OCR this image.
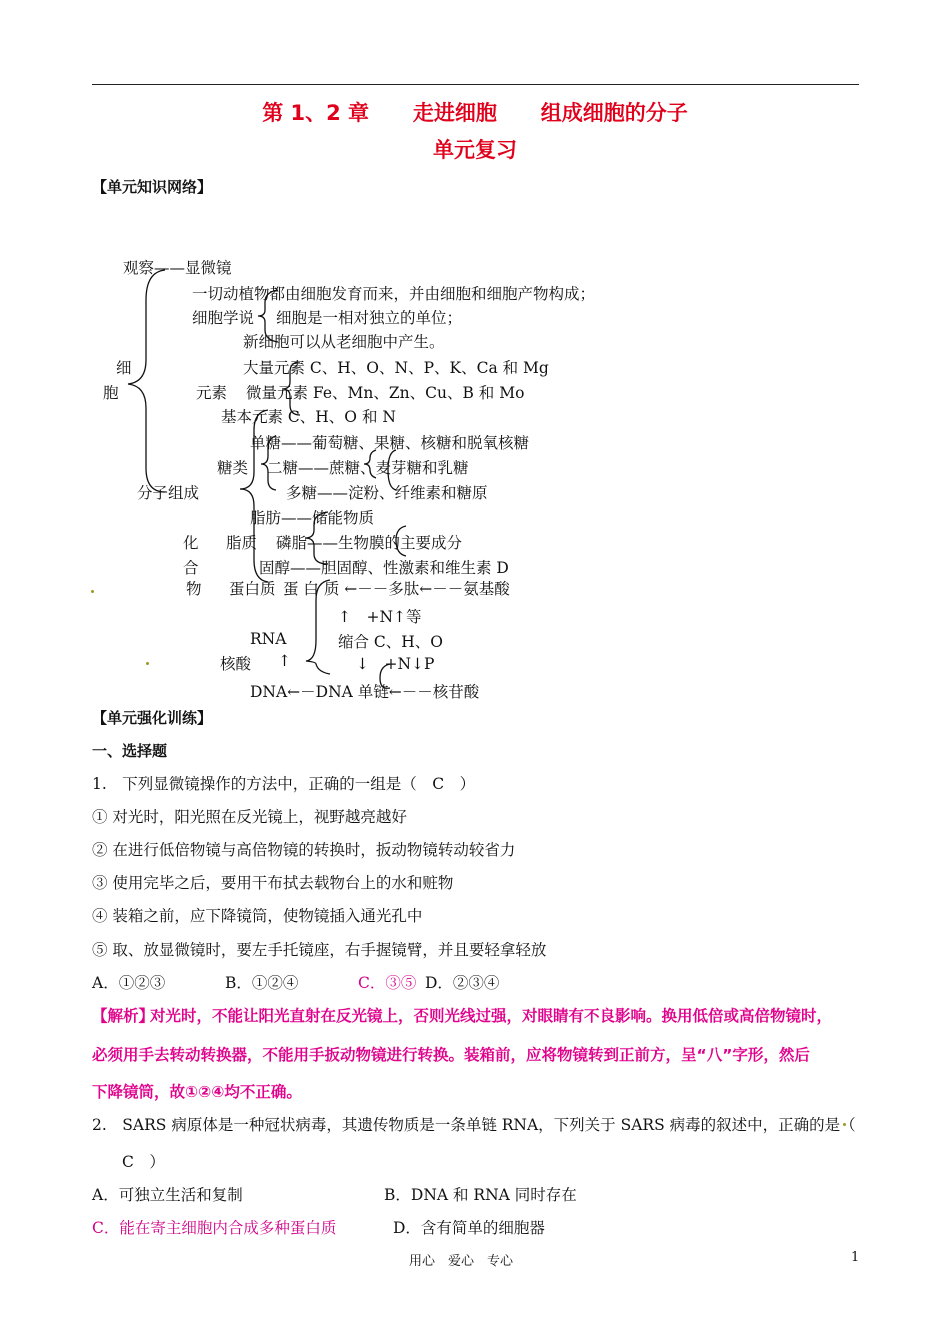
第 1、2 章 走进细胞 组成细胞的分子
单元复习
【单元知识网络】
观察——显微镜
一切动植物都由细胞发育而来，并由细胞和细胞产物构成；
细胞学说 细胞是一相对独立的单位；
新细胞可以从老细胞中产生。
细	大量元素 C、H、O、N、P、K、Ca 和 Mg
胞	元素 微量元素 Fe、Mn、Zn、Cu、B 和 Mo
基本元素 C、H、O 和 N
单糖——葡萄糖、果糖、核糖和脱氧核糖
糖类 二糖——蔗糖、麦芽糖和乳糖
分子组成	多糖——淀粉、纤维素和糖原
脂肪——储能物质
化 脂质 磷脂——生物膜的主要成分
合	固醇——胆固醇、性激素和维生素 D
物 蛋白质 蛋 白 质 ←－－多肽←－－氨基酸
↑　+N↑等
RNA	缩合 C、H、O
核酸 ↑	↓　+N↓P
DNA←－DNA 单链←－－核苷酸
【单元强化训练】
一、选择题
1.　下列显微镜操作的方法中，正确的一组是（　C　）
① 对光时，阳光照在反光镜上，视野越亮越好
② 在进行低倍物镜与高倍物镜的转换时，扳动物镜转动较省力
③ 使用完毕之后，要用干布拭去载物台上的水和赃物
④ 装箱之前，应下降镜筒，使物镜插入通光孔中
⑤ 取、放显微镜时，要左手托镜座，右手握镜臂，并且要轻拿轻放
A．①②③	B．①②④	C．③⑤ D．②③④
【解析】
对光时，不能让阳光直射在反光镜上，否则光线过强，对眼睛有不良影响。换用低倍或高倍物镜时，
必须用手去转动转换器，不能用手扳动物镜进行转换。装箱前，应将物镜转到正前方，呈“八”字形，然后
下降镜筒，故①②④均不正确。
2.　SARS 病原体是一种冠状病毒，其遗传物质是一条单链 RNA，下列关于 SARS 病毒的叙述中，正确的是（
C　）
A．可独立生活和复制	B．DNA 和 RNA 同时存在
C．能在寄主细胞内合成多种蛋白质	D．含有简单的细胞器
用心　爱心　专心	1
